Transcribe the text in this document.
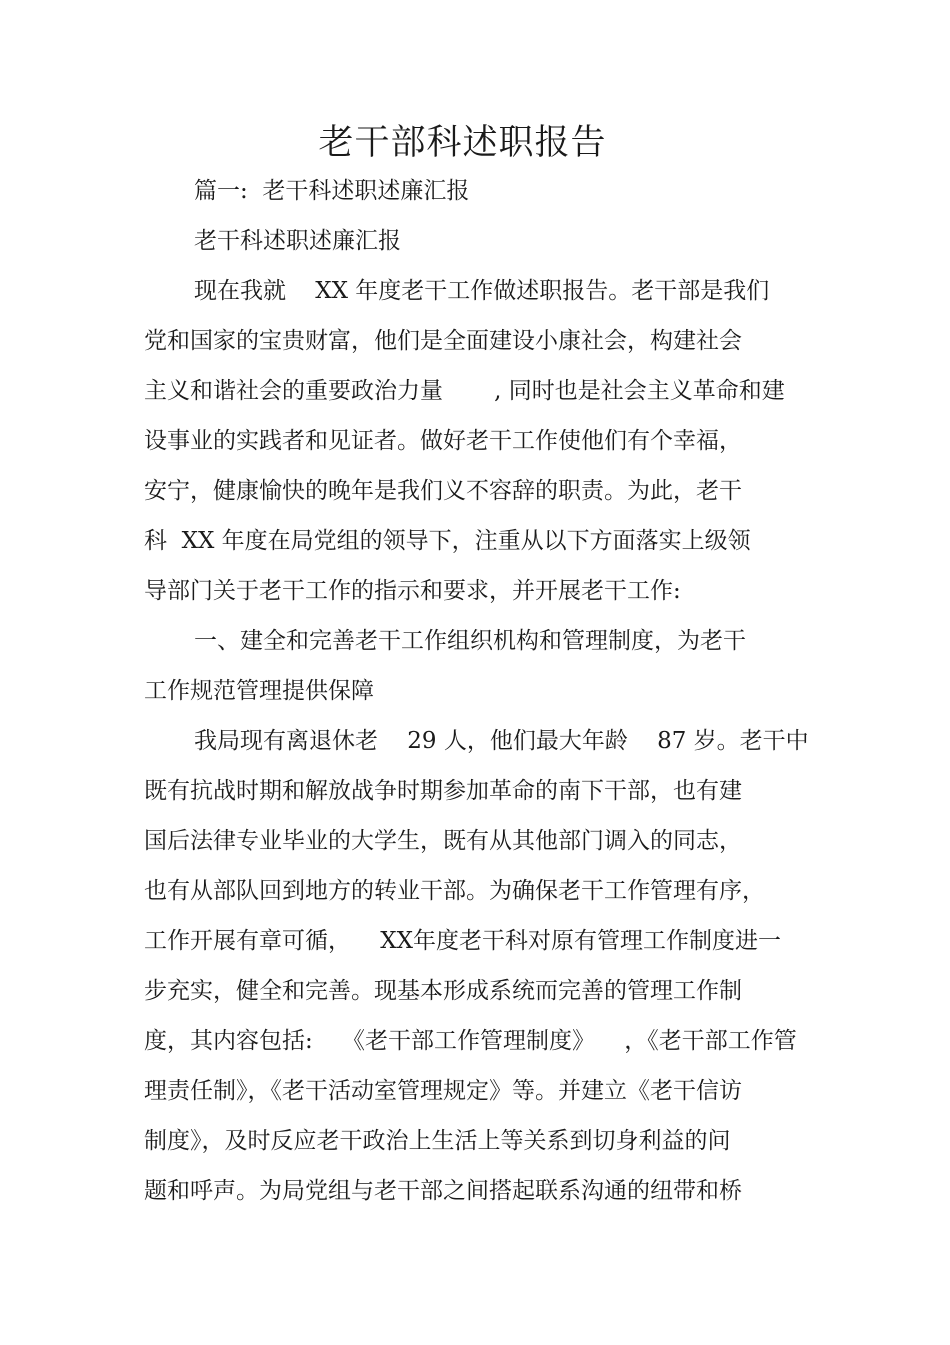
老干部科述职报告

篇一:  老干科述职述廉汇报

老干科述职述廉汇报

现在我就    XX 年度老干工作做述职报告。老干部是我们

党和国家的宝贵财富，他们是全面建设小康社会，构建社会

主义和谐社会的重要政治力量       , 同时也是社会主义革命和建

设事业的实践者和见证者。做好老干工作使他们有个幸福，

安宁，健康愉快的晚年是我们义不容辞的职责。为此，老干

科  XX 年度在局党组的领导下，注重从以下方面落实上级领

导部门关于老干工作的指示和要求，并开展老干工作:

一、建全和完善老干工作组织机构和管理制度，为老干

工作规范管理提供保障

我局现有离退休老    29 人，他们最大年龄    87 岁。老干中

既有抗战时期和解放战争时期参加革命的南下干部，也有建

国后法律专业毕业的大学生，既有从其他部门调入的同志，

也有从部队回到地方的转业干部。为确保老干工作管理有序，

工作开展有章可循，    XX年度老干科对原有管理工作制度进一

步充实，健全和完善。现基本形成系统而完善的管理工作制

度，其内容包括:    《老干部工作管理制度》    ，《老干部工作管

理责任制》，《老干活动室管理规定》等。并建立《老干信访

制度》，及时反应老干政治上生活上等关系到切身利益的问

题和呼声。为局党组与老干部之间搭起联系沟通的纽带和桥
